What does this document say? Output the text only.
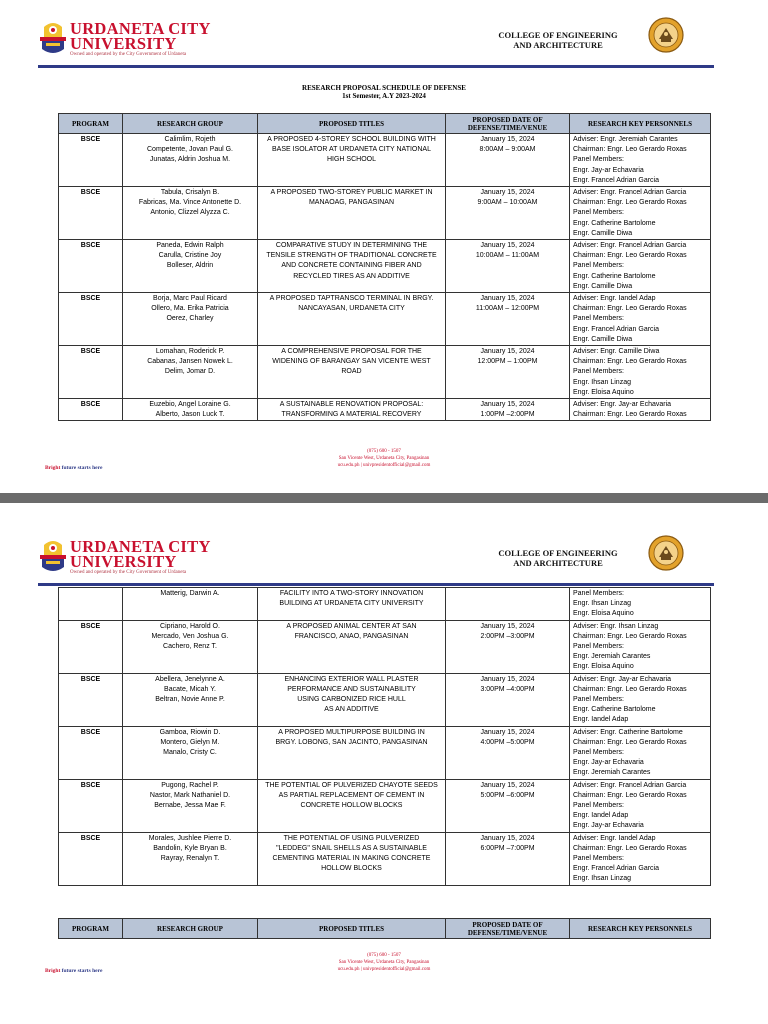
URDANETA CITY
UNIVERSITY
Owned and operated by the City Government of Urdaneta
COLLEGE OF ENGINEERING
AND ARCHITECTURE
RESEARCH PROPOSAL SCHEDULE OF DEFENSE
1st Semester, A.Y 2023-2024
PROGRAM	RESEARCH GROUP	PROPOSED TITLES	PROPOSED DATE OF
DEFENSE/TIME/VENUE	RESEARCH KEY PERSONNELS
BSCE	Calimlim, Rojeth
Competente, Jovan Paul G.
Junatas, Aldrin Joshua M.	A PROPOSED 4-STOREY SCHOOL BUILDING WITH
BASE ISOLATOR AT URDANETA CITY NATIONAL
HIGH SCHOOL	January 15, 2024
8:00AM – 9:00AM	Adviser: Engr. Jeremiah Carantes
Chairman: Engr. Leo Gerardo Roxas
Panel Members:
Engr. Jay-ar Echavaria
Engr. Francel Adrian Garcia

BSCE	Tabula, Crisalyn B.
Fabricas, Ma. Vince Antonette D.
Antonio, Clizzel Alyzza C.	A PROPOSED TWO-STOREY PUBLIC MARKET IN
MANAOAG, PANGASINAN	January 15, 2024
9:00AM – 10:00AM	Adviser: Engr. Francel Adrian Garcia
Chairman: Engr. Leo Gerardo Roxas
Panel Members:
Engr. Catherine Bartolome
Engr. Camille Diwa

BSCE	Paneda, Edwin Ralph
Carulla, Cristine Joy
Bolleser, Aldrin	COMPARATIVE STUDY IN DETERMINING THE
TENSILE STRENGTH OF TRADITIONAL CONCRETE
AND CONCRETE CONTAINING FIBER AND
RECYCLED TIRES AS AN ADDITIVE	January 15, 2024
10:00AM – 11:00AM	Adviser: Engr. Francel Adrian Garcia
Chairman: Engr. Leo Gerardo Roxas
Panel Members:
Engr. Catherine Bartolome
Engr. Camille Diwa

BSCE	Borja, Marc Paul Ricard
Ollero, Ma. Erika Patricia
Oerez, Charley	A PROPOSED TAPTRANSCO TERMINAL IN BRGY.
NANCAYASAN, URDANETA CITY	January 15, 2024
11:00AM – 12:00PM	Adviser: Engr. Iandel Adap
Chairman: Engr. Leo Gerardo Roxas
Panel Members:
Engr. Francel Adrian Garcia
Engr. Camille Diwa

BSCE	Lomahan, Roderick P.
Cabanas, Jansen Nowek L.
Delim, Jomar D.	A COMPREHENSIVE PROPOSAL FOR THE
WIDENING OF BARANGAY SAN VICENTE WEST
ROAD	January 15, 2024
12:00PM – 1:00PM	Adviser: Engr. Camille Diwa
Chairman: Engr. Leo Gerardo Roxas
Panel Members:
Engr. Ihsan Linzag
Engr. Eloisa Aquino

BSCE	Euzebio, Angel Loraine G.
Alberto, Jason Luck T.	A SUSTAINABLE RENOVATION PROPOSAL:
TRANSFORMING A MATERIAL RECOVERY	January 15, 2024
1:00PM –2:00PM	Adviser: Engr. Jay-ar Echavaria
Chairman: Engr. Leo Gerardo Roxas
(075) 600 - 1507
San Vicente West, Urdaneta City, Pangasinan
ucu.edu.ph | univpresidentofficial@gmail.com
Bright future starts here
URDANETA CITY
UNIVERSITY
Owned and operated by the City Government of Urdaneta
COLLEGE OF ENGINEERING
AND ARCHITECTURE
(075) 600 - 1507
San Vicente West, Urdaneta City, Pangasinan
ucu.edu.ph | univpresidentofficial@gmail.com
Bright future starts here

	Matterig, Darwin A.	FACILITY INTO A TWO-STORY INNOVATION
BUILDING AT URDANETA CITY UNIVERSITY		Panel Members:
Engr. Ihsan Linzag
Engr. Eloisa Aquino

BSCE	Cipriano, Harold O.
Mercado, Ven Joshua G.
Cachero, Renz T.	A PROPOSED ANIMAL CENTER AT SAN
FRANCISCO, ANAO, PANGASINAN	January 15, 2024
2:00PM –3:00PM	Adviser: Engr. Ihsan Linzag
Chairman: Engr. Leo Gerardo Roxas
Panel Members:
Engr. Jeremiah Carantes
Engr. Eloisa Aquino

BSCE	Abellera, Jenelynne A.
Bacate, Micah Y.
Beltran, Novie Anne P.	ENHANCING EXTERIOR WALL PLASTER
PERFORMANCE AND SUSTAINABILITY
USING CARBONIZED RICE HULL
AS AN ADDITIVE	January 15, 2024
3:00PM –4:00PM	Adviser: Engr. Jay-ar Echavaria
Chairman: Engr. Leo Gerardo Roxas
Panel Members:
Engr. Catherine Bartolome
Engr. Iandel Adap

BSCE	Gamboa, Riowin D.
Montero, Gielyn M.
Manalo, Cristy C.	A PROPOSED MULTIPURPOSE BUILDING IN
BRGY. LOBONG, SAN JACINTO, PANGASINAN	January 15, 2024
4:00PM –5:00PM	Adviser: Engr. Catherine Bartolome
Chairman: Engr. Leo Gerardo Roxas
Panel Members:
Engr. Jay-ar Echavaria
Engr. Jeremiah Carantes

BSCE	Pugong, Rachel P.
Nastor, Mark Nathaniel D.
Bernabe, Jessa Mae F.	THE POTENTIAL OF PULVERIZED CHAYOTE SEEDS
AS PARTIAL REPLACEMENT OF CEMENT IN
CONCRETE HOLLOW BLOCKS	January 15, 2024
5:00PM –6:00PM	Adviser: Engr. Francel Adrian Garcia
Chairman: Engr. Leo Gerardo Roxas
Panel Members:
Engr. Iandel Adap
Engr. Jay-ar Echavaria

BSCE	Morales, Jushlee Pierre D.
Bandolin, Kyle Bryan B.
Rayray, Renalyn T.	THE POTENTIAL OF USING PULVERIZED
"LEDDEG" SNAIL SHELLS AS A SUSTAINABLE
CEMENTING MATERIAL IN MAKING CONCRETE
HOLLOW BLOCKS	January 15, 2024
6:00PM –7:00PM	Adviser: Engr. Iandel Adap
Chairman: Engr. Leo Gerardo Roxas
Panel Members:
Engr. Francel Adrian Garcia
Engr. Ihsan Linzag
PROGRAM	RESEARCH GROUP	PROPOSED TITLES	PROPOSED DATE OF
DEFENSE/TIME/VENUE	RESEARCH KEY PERSONNELS
